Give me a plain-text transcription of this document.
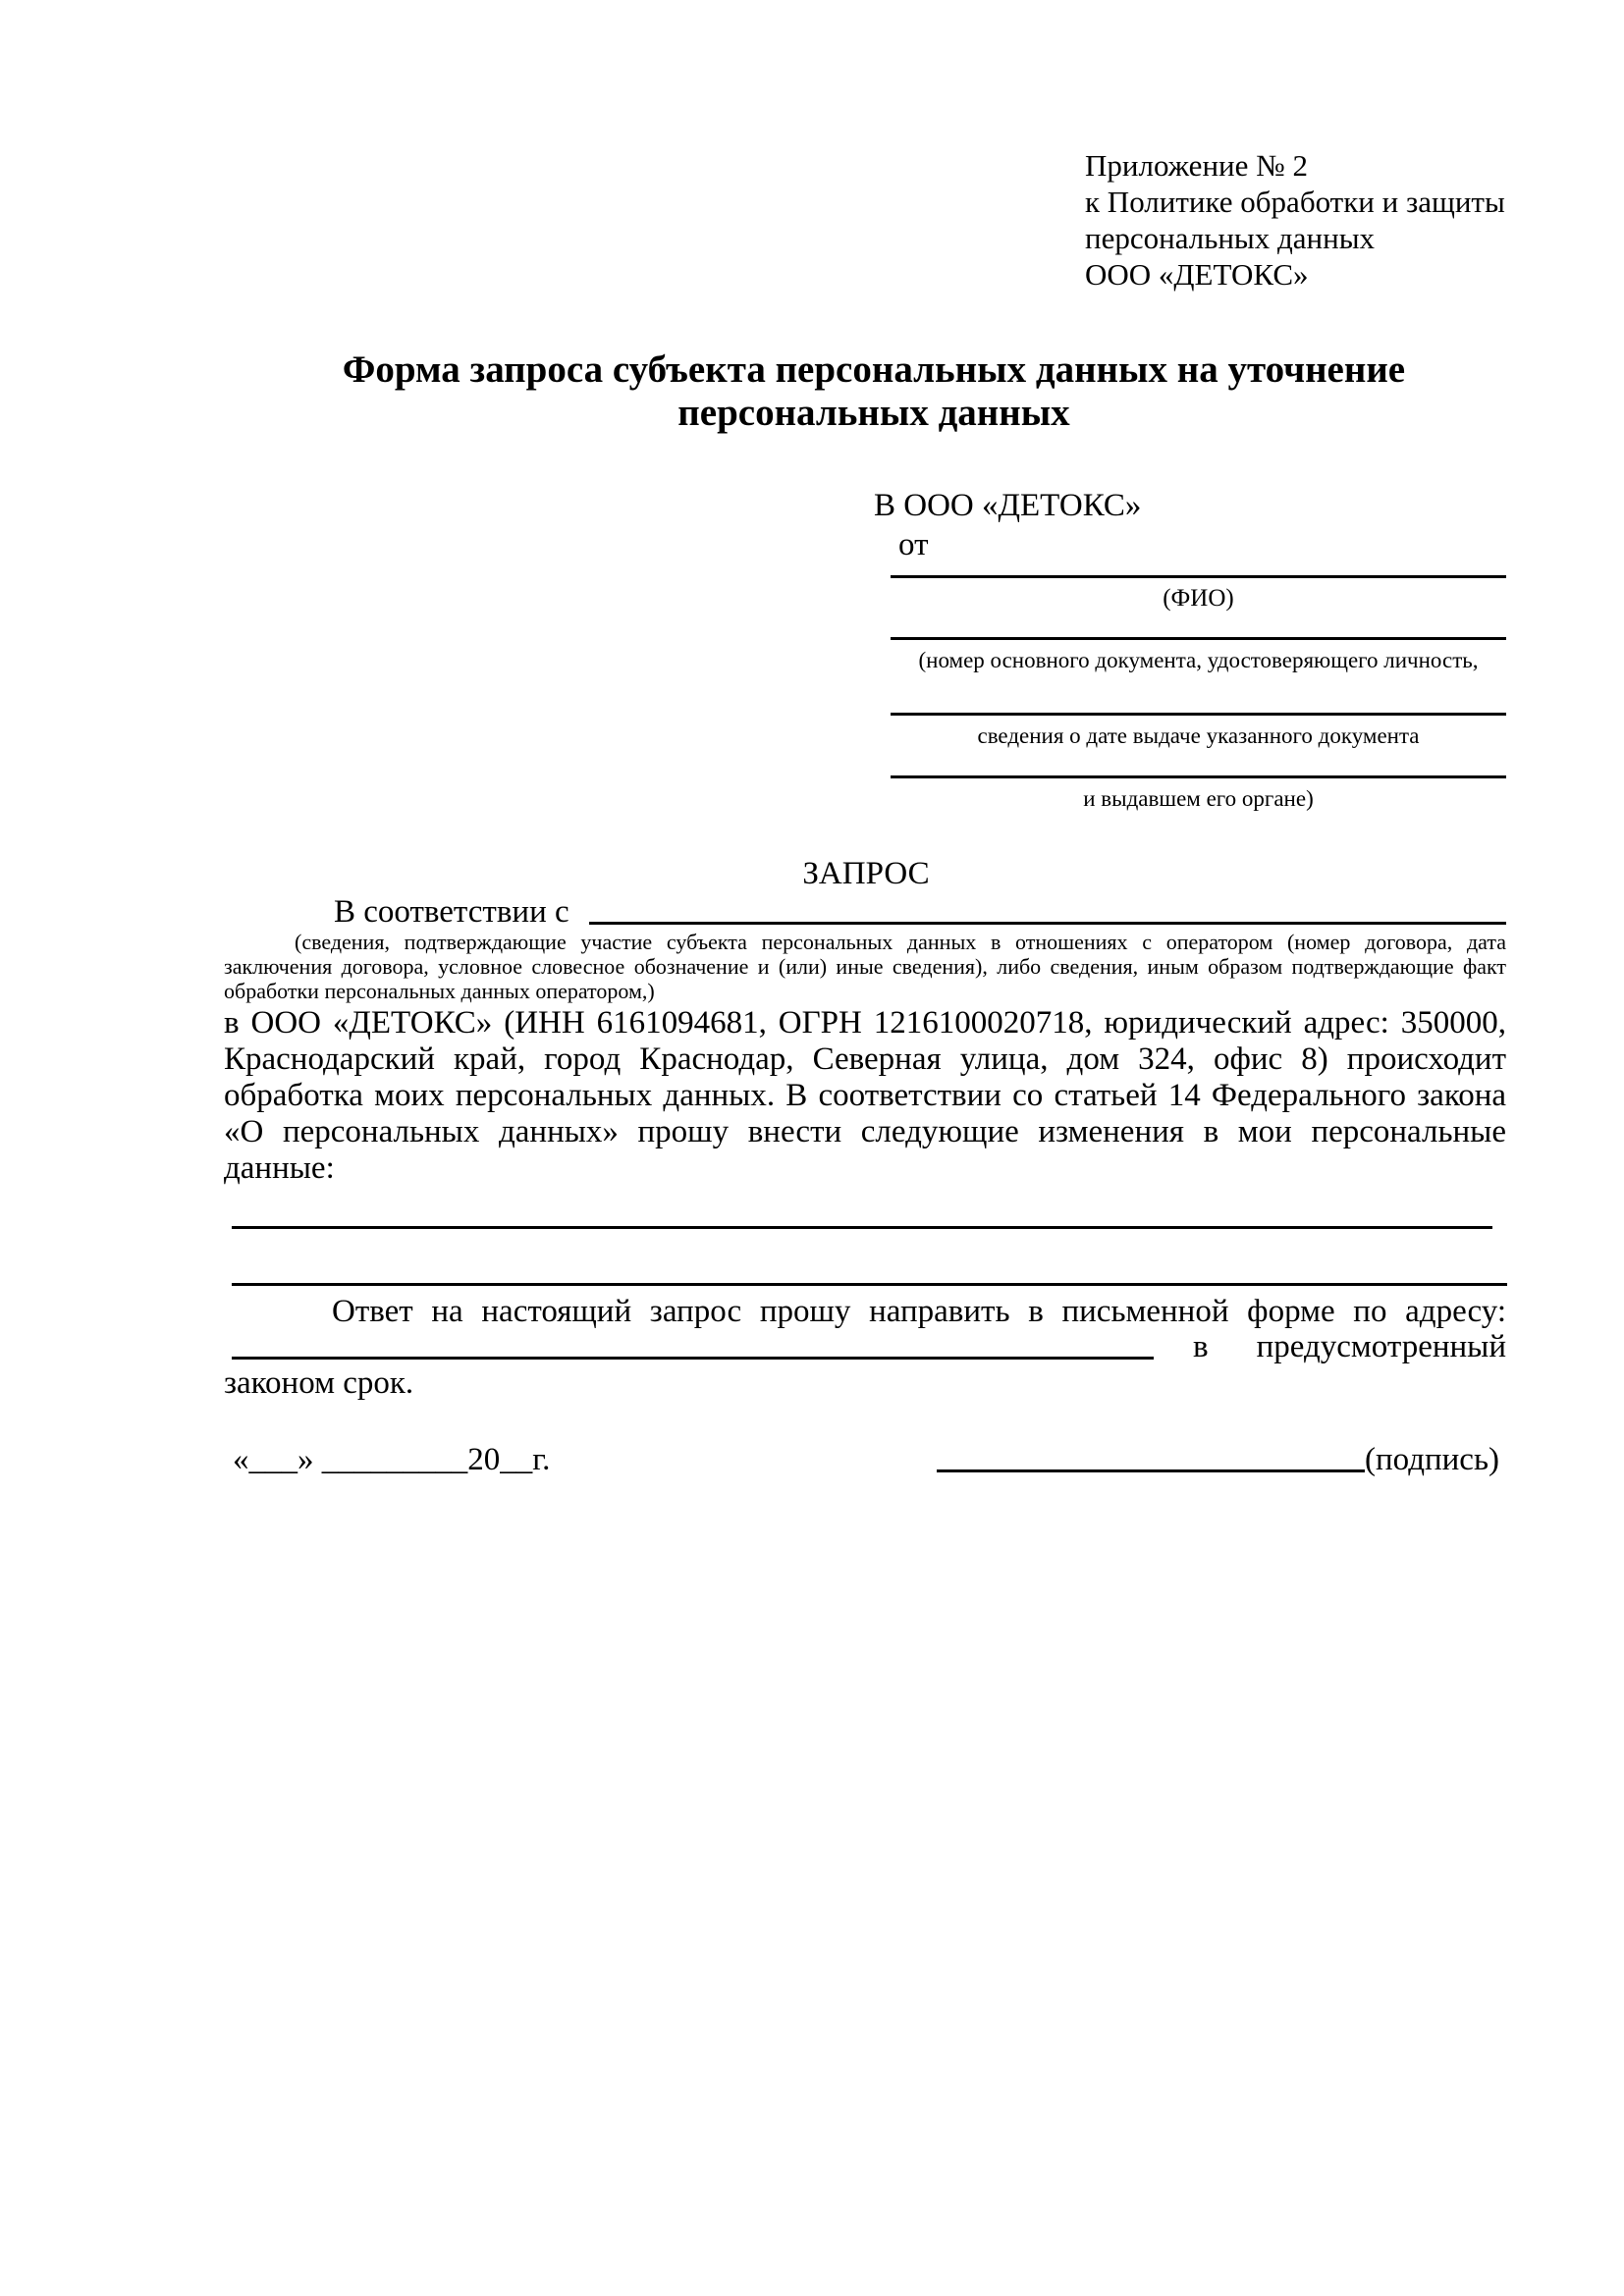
Приложение № 2
к Политике обработки и защиты
персональных данных
ООО «ДЕТОКС»
Форма запроса субъекта персональных данных на уточнение
персональных данных
В ООО «ДЕТОКС»
от
(ФИО)
(номер основного документа, удостоверяющего личность,
сведения о дате выдаче указанного документа
и выдавшем его органе)
ЗАПРОС
В соответствии с
(сведения, подтверждающие участие субъекта персональных данных в отношениях с оператором (номер договора, дата
заключения договора, условное словесное обозначение и (или) иные сведения), либо сведения, иным образом подтверждающие факт
обработки персональных данных оператором,)
в ООО «ДЕТОКС» (ИНН 6161094681, ОГРН 1216100020718, юридический адрес: 350000,
Краснодарский край, город Краснодар, Северная улица, дом 324, офис 8) происходит
обработка моих персональных данных. В соответствии со статьей 14 Федерального закона
«О персональных данных» прошу внести следующие изменения в мои персональные
данные:
Ответ на настоящий запрос прошу направить в письменной форме по адресу:
в предусмотренный
законом срок.
«___» _________20__г.	(подпись)
